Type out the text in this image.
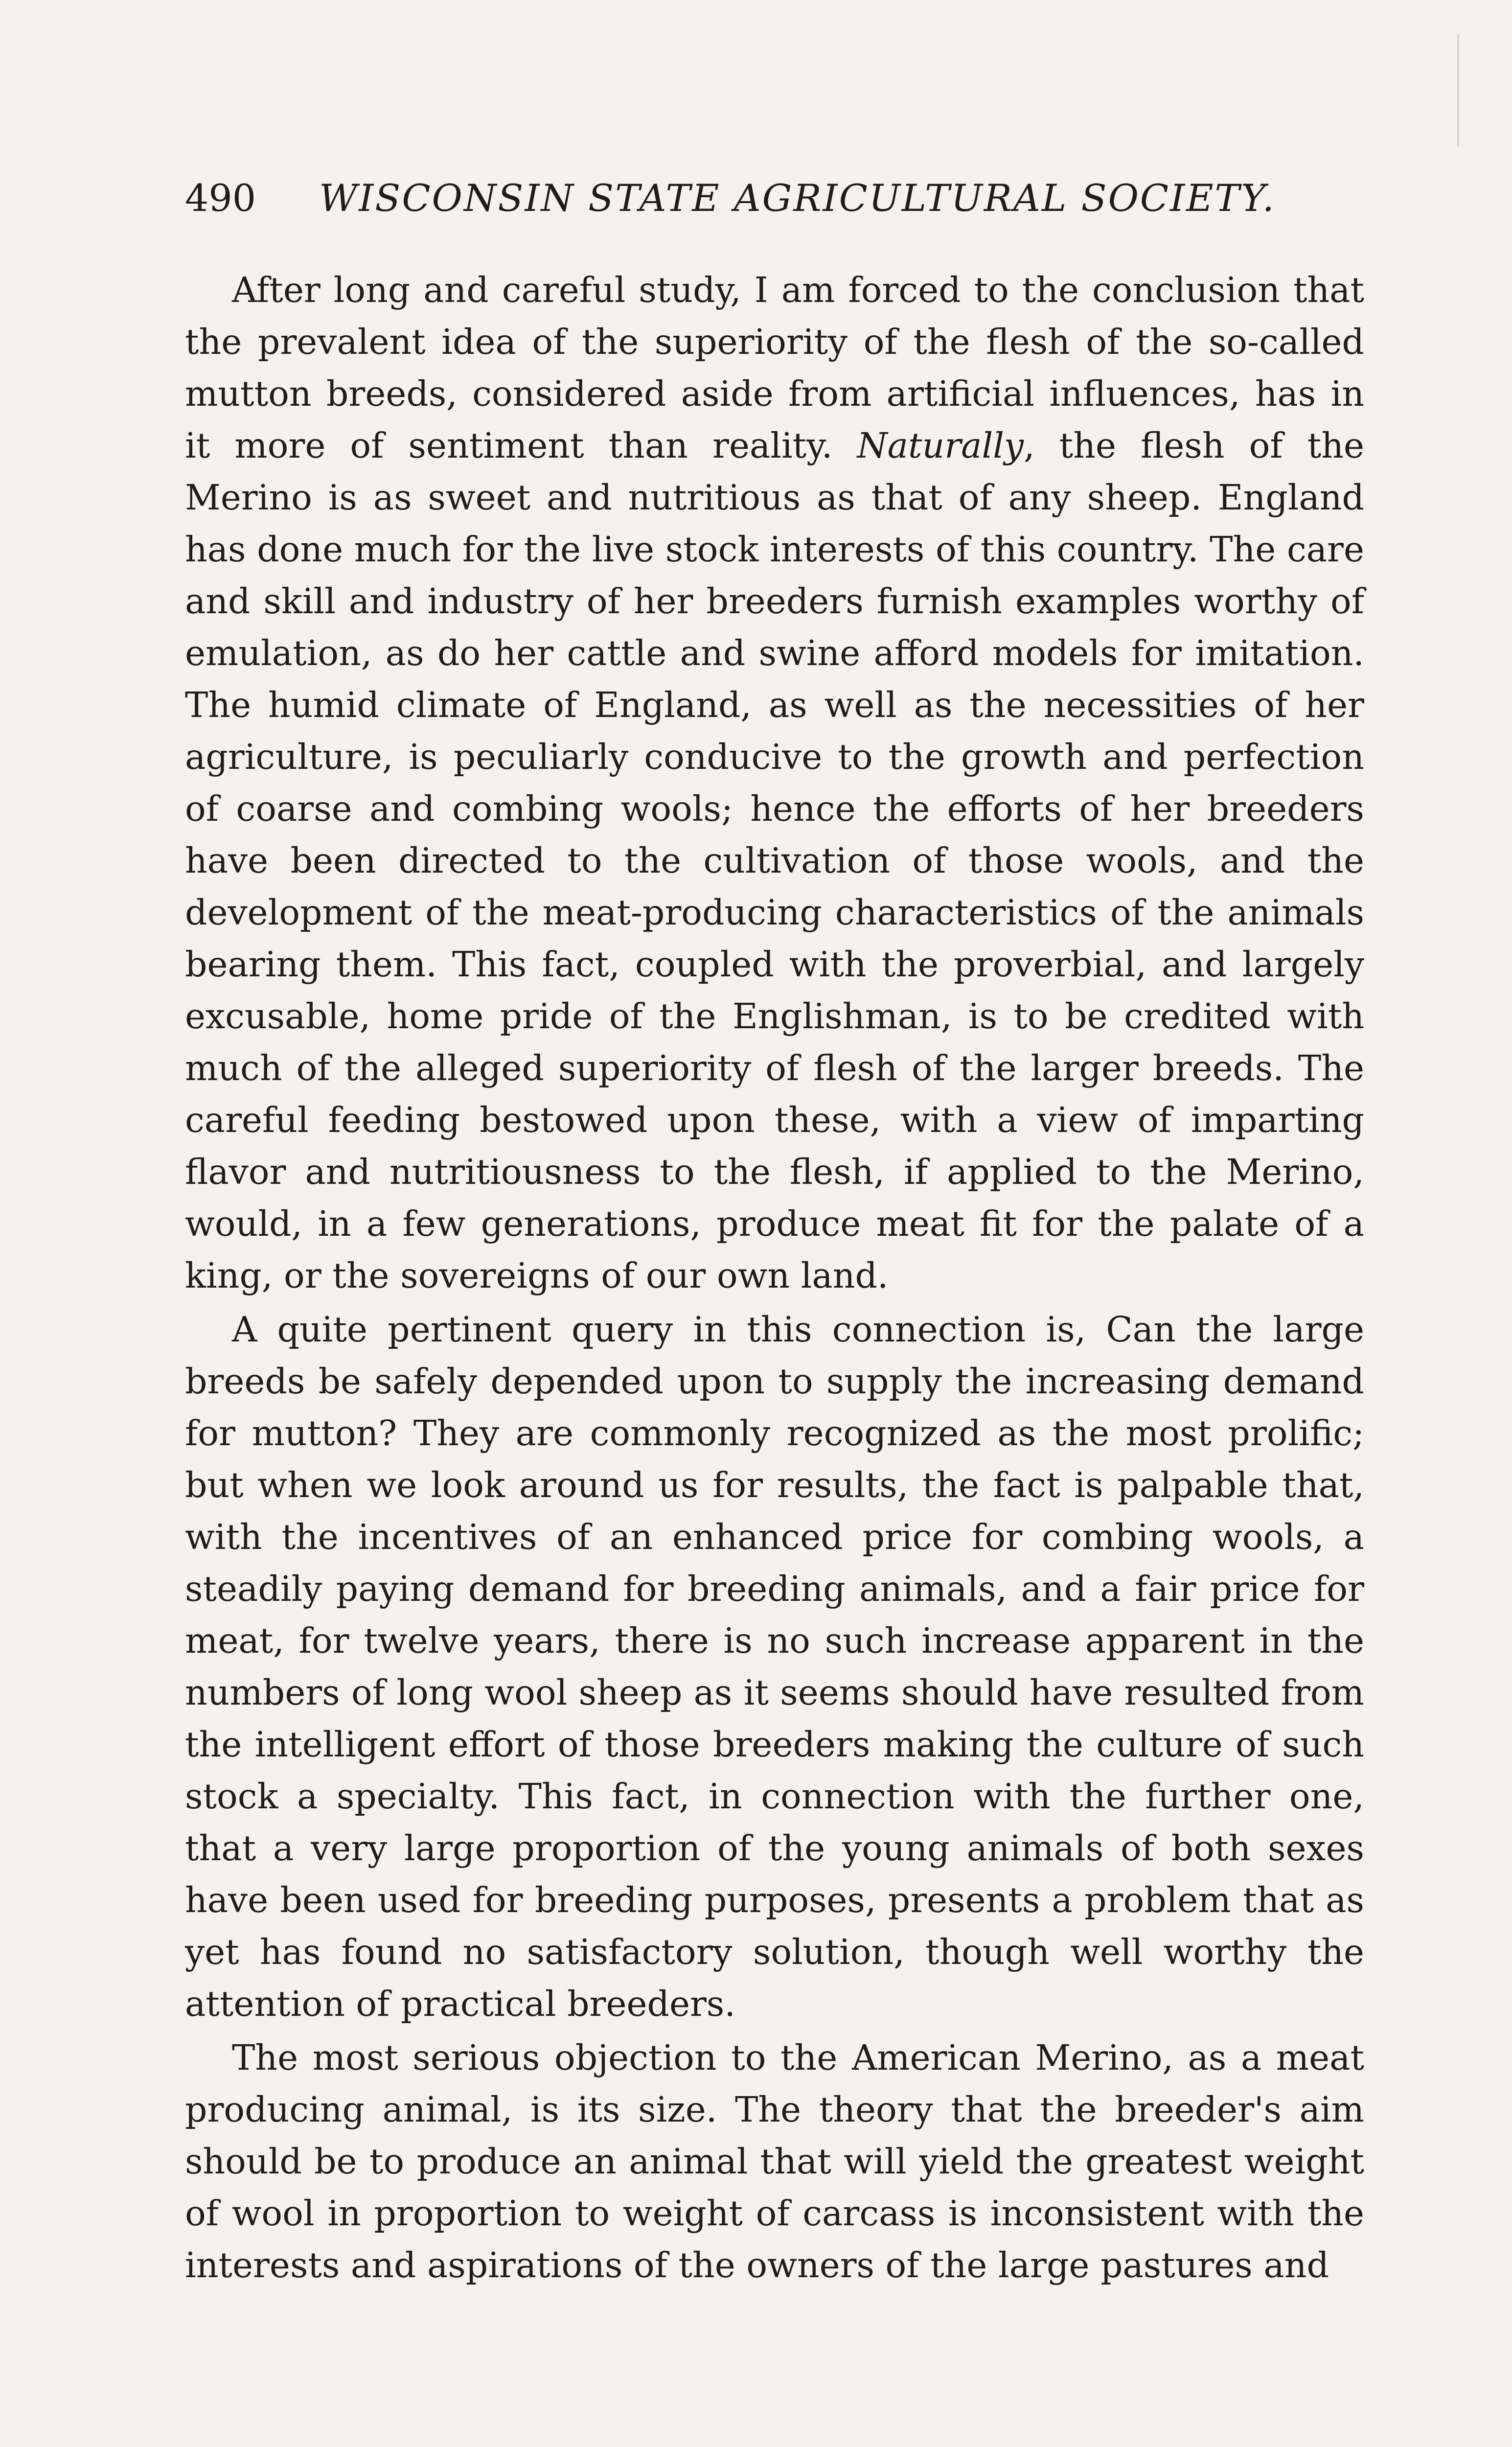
490 WISCONSIN STATE AGRICULTURAL SOCIETY.

After long and careful study, I am forced to the conclusion that the prevalent idea of the superiority of the flesh of the so-called mutton breeds, considered aside from artificial influences, has in it more of sentiment than reality. Naturally, the flesh of the Merino is as sweet and nutritious as that of any sheep. England has done much for the live stock interests of this country. The care and skill and industry of her breeders furnish examples worthy of emulation, as do her cattle and swine afford models for imitation. The humid climate of England, as well as the necessities of her agriculture, is peculiarly conducive to the growth and perfection of coarse and combing wools; hence the efforts of her breeders have been directed to the cultivation of those wools, and the development of the meat-producing characteristics of the animals bearing them. This fact, coupled with the proverbial, and largely excusable, home pride of the Englishman, is to be credited with much of the alleged superiority of flesh of the larger breeds. The careful feeding bestowed upon these, with a view of imparting flavor and nutritiousness to the flesh, if applied to the Merino, would, in a few generations, produce meat fit for the palate of a king, or the sovereigns of our own land.

A quite pertinent query in this connection is, Can the large breeds be safely depended upon to supply the increasing demand for mutton? They are commonly recognized as the most prolific; but when we look around us for results, the fact is palpable that, with the incentives of an enhanced price for combing wools, a steadily paying demand for breeding animals, and a fair price for meat, for twelve years, there is no such increase apparent in the numbers of long wool sheep as it seems should have resulted from the intelligent effort of those breeders making the culture of such stock a specialty. This fact, in connection with the further one, that a very large proportion of the young animals of both sexes have been used for breeding purposes, presents a problem that as yet has found no satisfactory solution, though well worthy the attention of practical breeders.

The most serious objection to the American Merino, as a meat producing animal, is its size. The theory that the breeder's aim should be to produce an animal that will yield the greatest weight of wool in proportion to weight of carcass is inconsistent with the interests and aspirations of the owners of the large pastures and
